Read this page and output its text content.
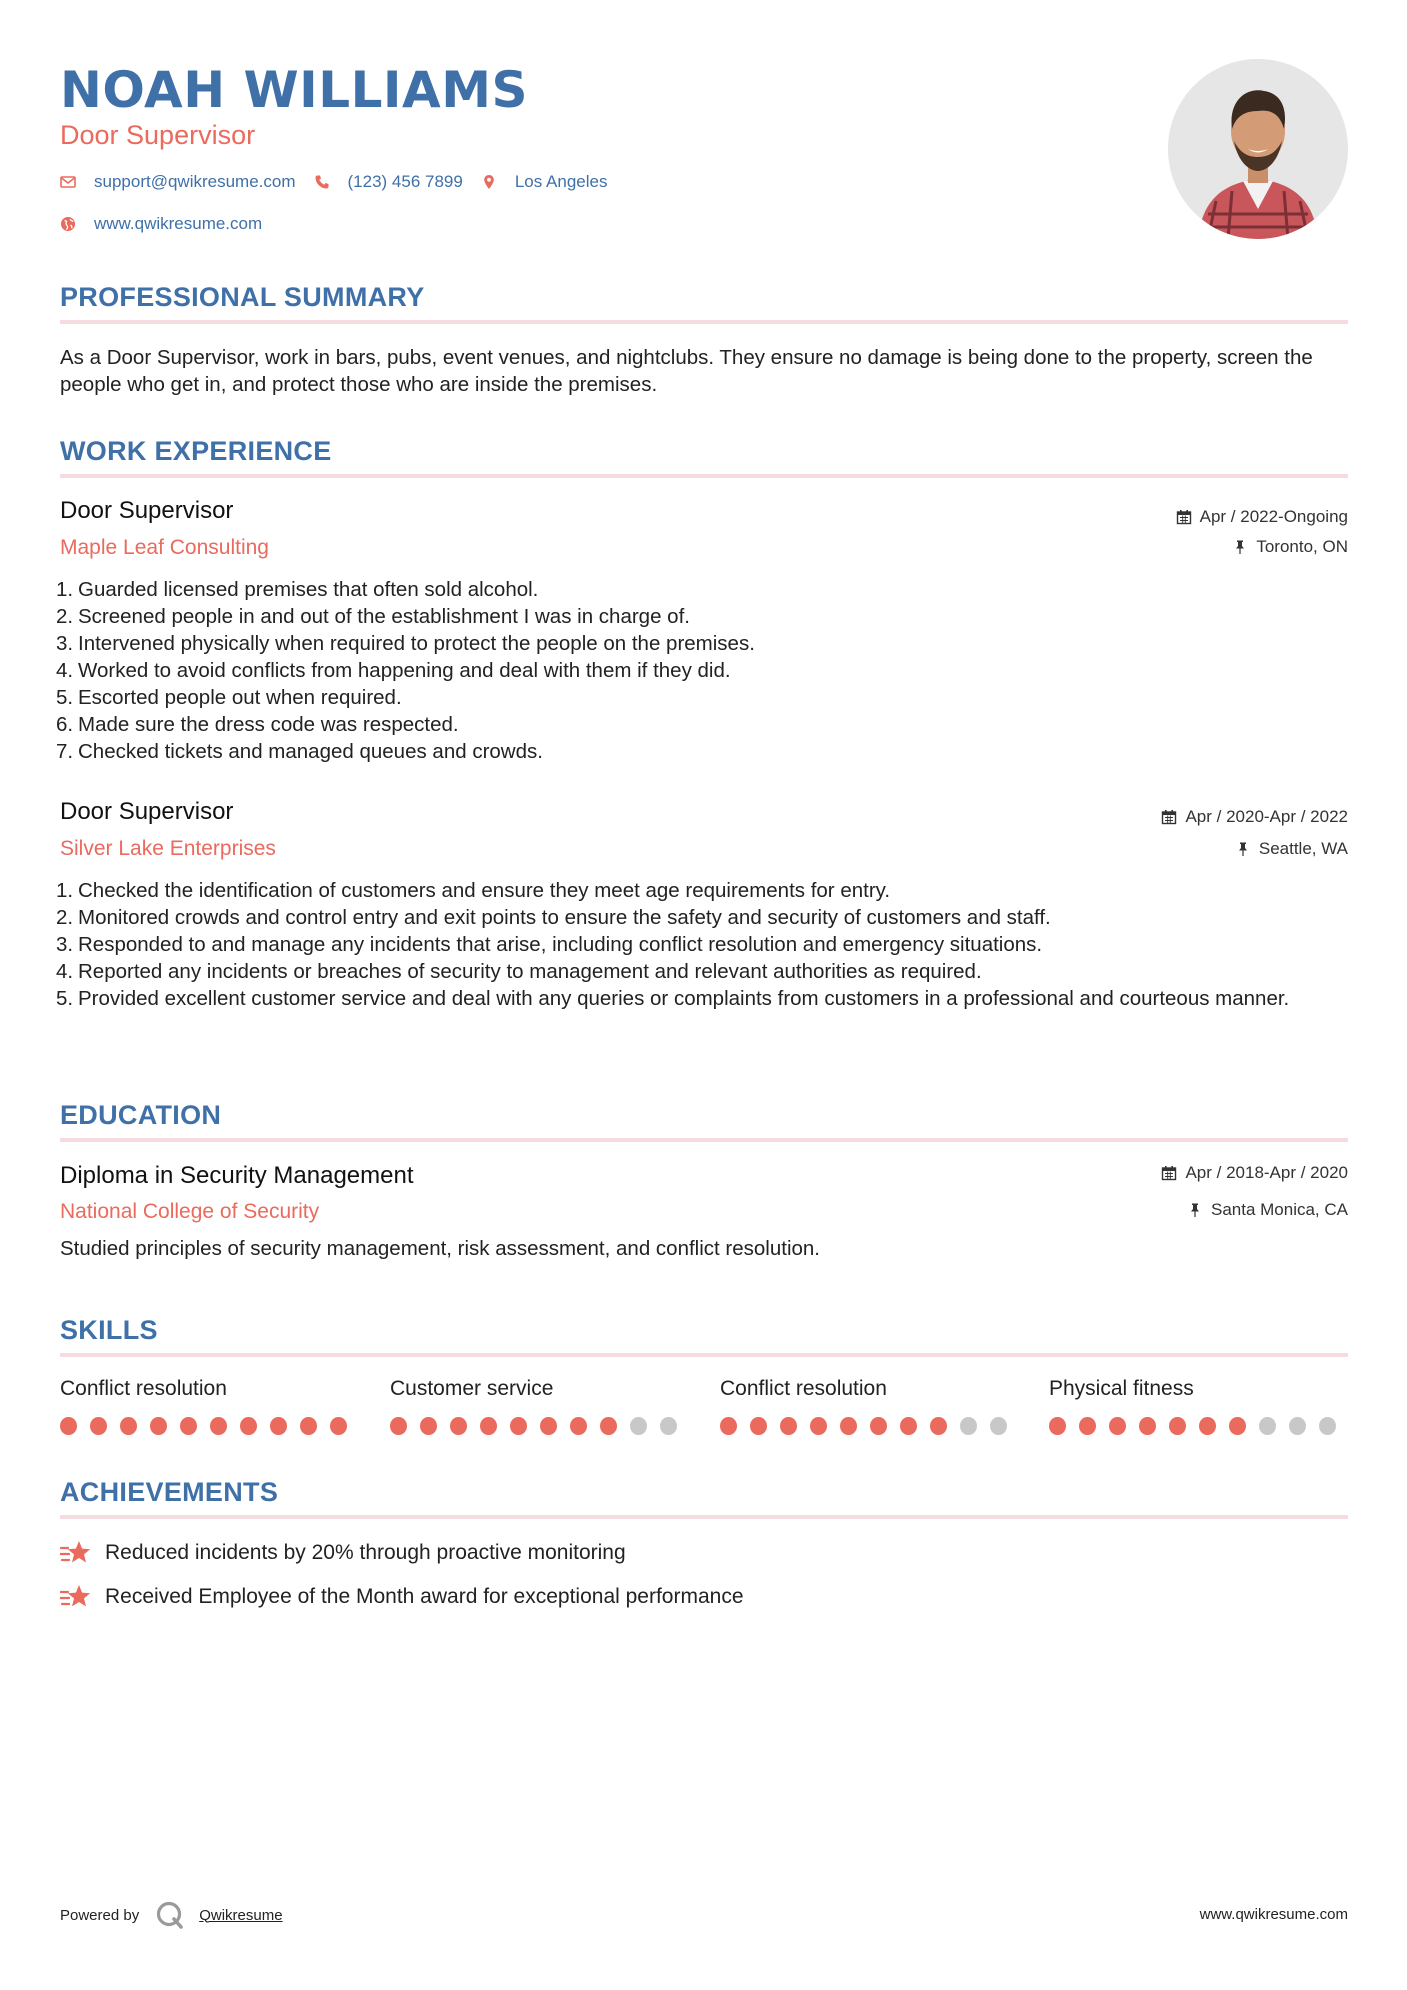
NOAH WILLIAMS
Door Supervisor
support@qwikresume.com	(123) 456 7899	Los Angeles
www.qwikresume.com
PROFESSIONAL SUMMARY
As a Door Supervisor, work in bars, pubs, event venues, and nightclubs. They ensure no damage is being done to the property, screen the people who get in, and protect those who are inside the premises.
WORK EXPERIENCE
Door Supervisor
Maple Leaf Consulting
Apr / 2022-Ongoing
Toronto, ON
1. Guarded licensed premises that often sold alcohol.
2. Screened people in and out of the establishment I was in charge of.
3. Intervened physically when required to protect the people on the premises.
4. Worked to avoid conflicts from happening and deal with them if they did.
5. Escorted people out when required.
6. Made sure the dress code was respected.
7. Checked tickets and managed queues and crowds.
Door Supervisor
Silver Lake Enterprises
Apr / 2020-Apr / 2022
Seattle, WA
1. Checked the identification of customers and ensure they meet age requirements for entry.
2. Monitored crowds and control entry and exit points to ensure the safety and security of customers and staff.
3. Responded to and manage any incidents that arise, including conflict resolution and emergency situations.
4. Reported any incidents or breaches of security to management and relevant authorities as required.
5. Provided excellent customer service and deal with any queries or complaints from customers in a professional and courteous manner.
EDUCATION
Diploma in Security Management
National College of Security
Apr / 2018-Apr / 2020
Santa Monica, CA
Studied principles of security management, risk assessment, and conflict resolution.
SKILLS
Conflict resolution	Customer service	Conflict resolution	Physical fitness
ACHIEVEMENTS
Reduced incidents by 20% through proactive monitoring
Received Employee of the Month award for exceptional performance
Powered by	Qwikresume	www.qwikresume.com
